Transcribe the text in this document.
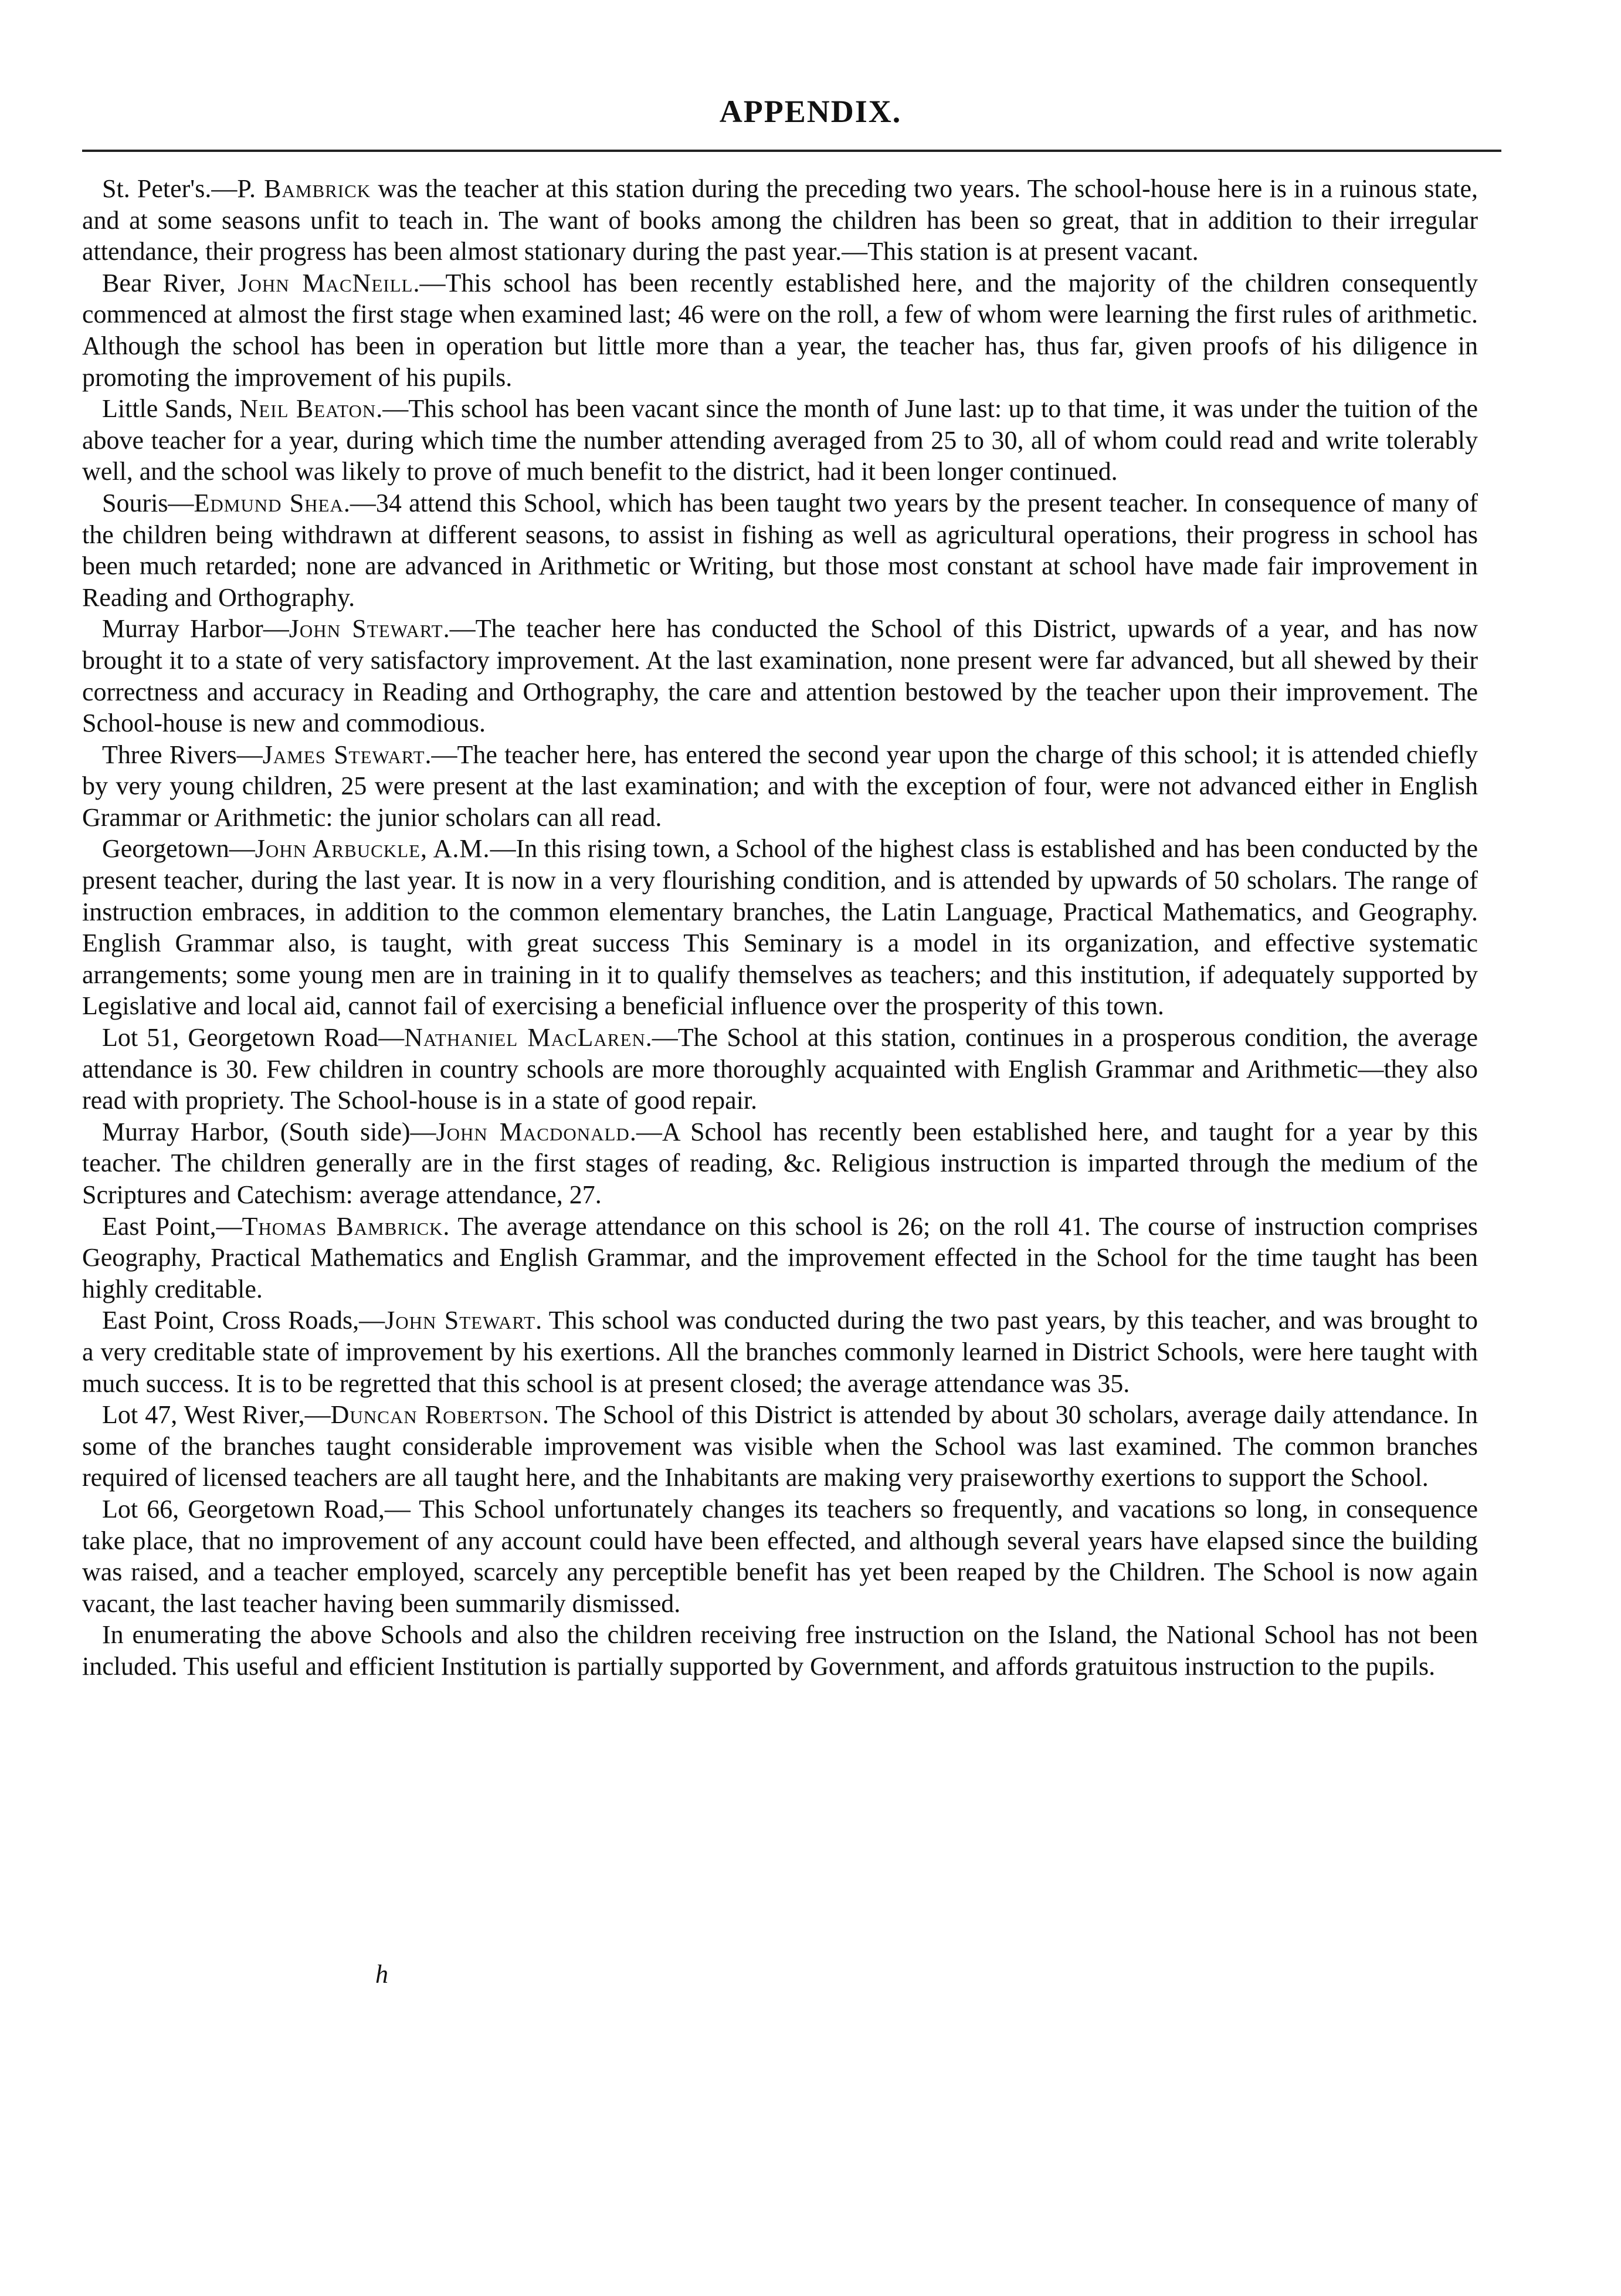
APPENDIX.

St. Peter's.—P. Bambrick was the teacher at this station during the preceding two years. The school-house here is in a ruinous state, and at some seasons unfit to teach in. The want of books among the children has been so great, that in addition to their irregular attendance, their progress has been almost stationary during the past year.—This station is at present vacant.

Bear River, John MacNeill.—This school has been recently established here, and the majority of the children consequently commenced at almost the first stage when examined last; 46 were on the roll, a few of whom were learning the first rules of arithmetic. Although the school has been in operation but little more than a year, the teacher has, thus far, given proofs of his diligence in promoting the improvement of his pupils.

Little Sands, Neil Beaton.—This school has been vacant since the month of June last: up to that time, it was under the tuition of the above teacher for a year, during which time the number attending averaged from 25 to 30, all of whom could read and write tolerably well, and the school was likely to prove of much benefit to the district, had it been longer continued.

Souris—Edmund Shea.—34 attend this School, which has been taught two years by the present teacher. In consequence of many of the children being withdrawn at different seasons, to assist in fishing as well as agricultural operations, their progress in school has been much retarded; none are advanced in Arithmetic or Writing, but those most constant at school have made fair improvement in Reading and Orthography.

Murray Harbor—John Stewart.—The teacher here has conducted the School of this District, upwards of a year, and has now brought it to a state of very satisfactory improvement. At the last examination, none present were far advanced, but all shewed by their correctness and accuracy in Reading and Orthography, the care and attention bestowed by the teacher upon their improvement. The School-house is new and commodious.

Three Rivers—James Stewart.—The teacher here, has entered the second year upon the charge of this school; it is attended chiefly by very young children, 25 were present at the last examination; and with the exception of four, were not advanced either in English Grammar or Arithmetic: the junior scholars can all read.

Georgetown—John Arbuckle, A.M.—In this rising town, a School of the highest class is established and has been conducted by the present teacher, during the last year. It is now in a very flourishing condition, and is attended by upwards of 50 scholars. The range of instruction embraces, in addition to the common elementary branches, the Latin Language, Practical Mathematics, and Geography. English Grammar also, is taught, with great success This Seminary is a model in its organization, and effective systematic arrangements; some young men are in training in it to qualify themselves as teachers; and this institution, if adequately supported by Legislative and local aid, cannot fail of exercising a beneficial influence over the prosperity of this town.

Lot 51, Georgetown Road—Nathaniel MacLaren.—The School at this station, continues in a prosperous condition, the average attendance is 30. Few children in country schools are more thoroughly acquainted with English Grammar and Arithmetic—they also read with propriety. The School-house is in a state of good repair.

Murray Harbor, (South side)—John Macdonald.—A School has recently been established here, and taught for a year by this teacher. The children generally are in the first stages of reading, &c. Religious instruction is imparted through the medium of the Scriptures and Catechism: average attendance, 27.

East Point,—Thomas Bambrick. The average attendance on this school is 26; on the roll 41. The course of instruction comprises Geography, Practical Mathematics and English Grammar, and the improvement effected in the School for the time taught has been highly creditable.

East Point, Cross Roads,—John Stewart. This school was conducted during the two past years, by this teacher, and was brought to a very creditable state of improvement by his exertions. All the branches commonly learned in District Schools, were here taught with much success. It is to be regretted that this school is at present closed; the average attendance was 35.

Lot 47, West River,—Duncan Robertson. The School of this District is attended by about 30 scholars, average daily attendance. In some of the branches taught considerable improvement was visible when the School was last examined. The common branches required of licensed teachers are all taught here, and the Inhabitants are making very praiseworthy exertions to support the School.

Lot 66, Georgetown Road,— This School unfortunately changes its teachers so frequently, and vacations so long, in consequence take place, that no improvement of any account could have been effected, and although several years have elapsed since the building was raised, and a teacher employed, scarcely any perceptible benefit has yet been reaped by the Children. The School is now again vacant, the last teacher having been summarily dismissed.

In enumerating the above Schools and also the children receiving free instruction on the Island, the National School has not been included. This useful and efficient Institution is partially supported by Government, and affords gratuitous instruction to the pupils.

h
